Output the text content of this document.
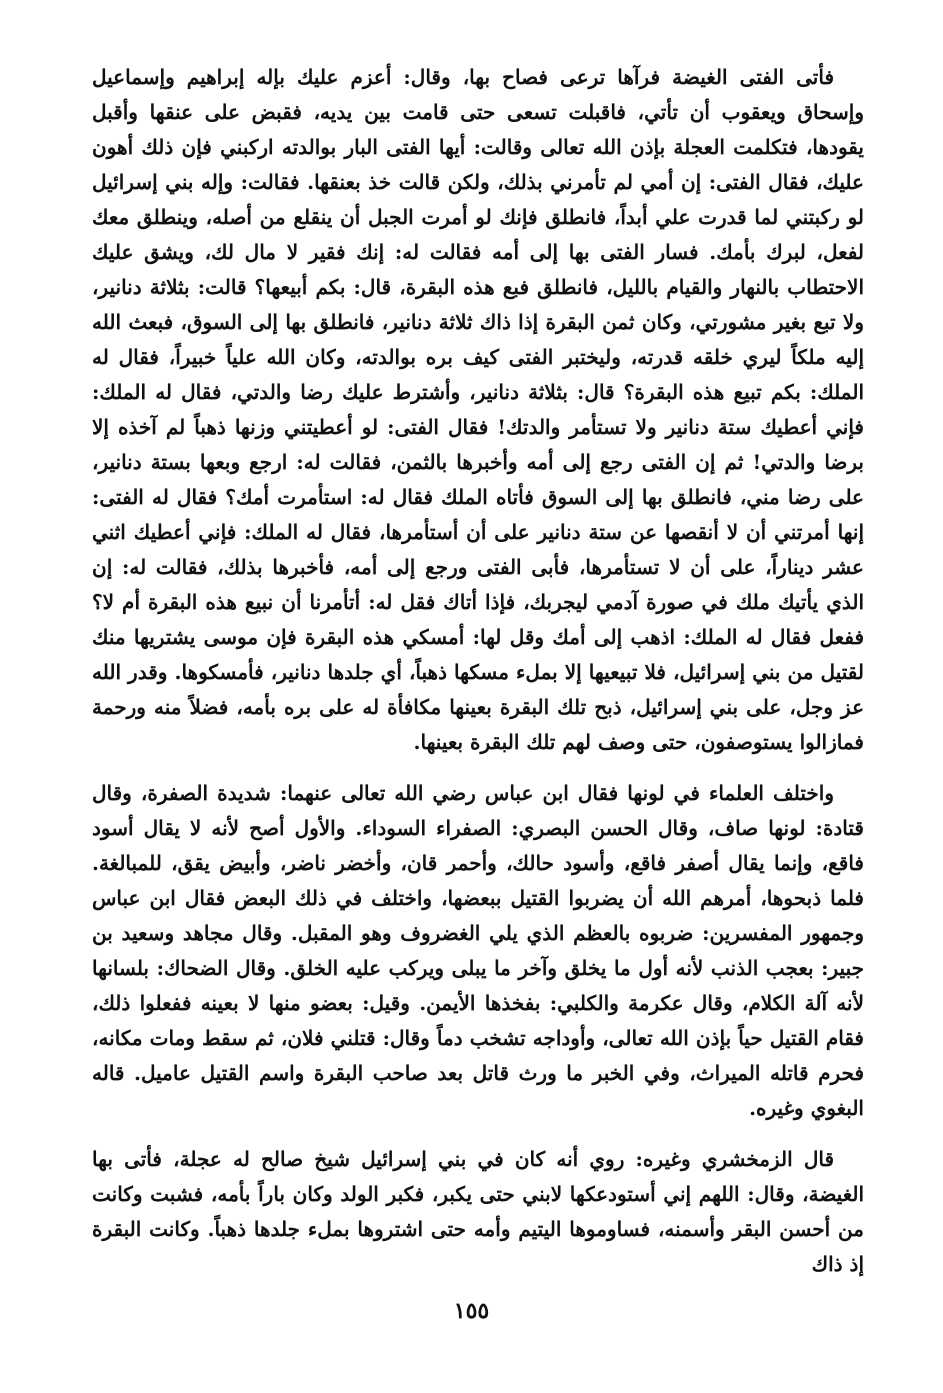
فأتى الفتى الغيضة فرآها ترعى فصاح بها، وقال: أعزم عليك بإله إبراهيم وإسماعيل وإسحاق ويعقوب أن تأتي، فاقبلت تسعى حتى قامت بين يديه، فقبض على عنقها وأقبل يقودها، فتكلمت العجلة بإذن الله تعالى وقالت: أيها الفتى البار بوالدته اركبني فإن ذلك أهون عليك، فقال الفتى: إن أمي لم تأمرني بذلك، ولكن قالت خذ بعنقها. فقالت: وإله بني إسرائيل لو ركبتني لما قدرت علي أبداً، فانطلق فإنك لو أمرت الجبل أن ينقلع من أصله، وينطلق معك لفعل، لبرك بأمك. فسار الفتى بها إلى أمه فقالت له: إنك فقير لا مال لك، ويشق عليك الاحتطاب بالنهار والقيام بالليل، فانطلق فبع هذه البقرة، قال: بكم أبيعها؟ قالت: بثلاثة دنانير، ولا تبع بغير مشورتي، وكان ثمن البقرة إذا ذاك ثلاثة دنانير، فانطلق بها إلى السوق، فبعث الله إليه ملكاً ليري خلقه قدرته، وليختبر الفتى كيف بره بوالدته، وكان الله علياً خبيراً، فقال له الملك: بكم تبيع هذه البقرة؟ قال: بثلاثة دنانير، وأشترط عليك رضا والدتي، فقال له الملك: فإني أعطيك ستة دنانير ولا تستأمر والدتك! فقال الفتى: لو أعطيتني وزنها ذهباً لم آخذه إلا برضا والدتي! ثم إن الفتى رجع إلى أمه وأخبرها بالثمن، فقالت له: ارجع وبعها بستة دنانير، على رضا مني، فانطلق بها إلى السوق فأتاه الملك فقال له: استأمرت أمك؟ فقال له الفتى: إنها أمرتني أن لا أنقصها عن ستة دنانير على أن أستأمرها، فقال له الملك: فإني أعطيك اثني عشر ديناراً، على أن لا تستأمرها، فأبى الفتى ورجع إلى أمه، فأخبرها بذلك، فقالت له: إن الذي يأتيك ملك في صورة آدمي ليجربك، فإذا أتاك فقل له: أتأمرنا أن نبيع هذه البقرة أم لا؟ ففعل فقال له الملك: اذهب إلى أمك وقل لها: أمسكي هذه البقرة فإن موسى يشتريها منك لقتيل من بني إسرائيل، فلا تبيعيها إلا بملء مسكها ذهباً، أي جلدها دنانير، فأمسكوها. وقدر الله عز وجل، على بني إسرائيل، ذبح تلك البقرة بعينها مكافأة له على بره بأمه، فضلاً منه ورحمة فمازالوا يستوصفون، حتى وصف لهم تلك البقرة بعينها.

واختلف العلماء في لونها فقال ابن عباس رضي الله تعالى عنهما: شديدة الصفرة، وقال قتادة: لونها صاف، وقال الحسن البصري: الصفراء السوداء. والأول أصح لأنه لا يقال أسود فاقع، وإنما يقال أصفر فاقع، وأسود حالك، وأحمر قان، وأخضر ناضر، وأبيض يقق، للمبالغة. فلما ذبحوها، أمرهم الله أن يضربوا القتيل ببعضها، واختلف في ذلك البعض فقال ابن عباس وجمهور المفسرين: ضربوه بالعظم الذي يلي الغضروف وهو المقبل. وقال مجاهد وسعيد بن جبير: بعجب الذنب لأنه أول ما يخلق وآخر ما يبلى ويركب عليه الخلق. وقال الضحاك: بلسانها لأنه آلة الكلام، وقال عكرمة والكلبي: بفخذها الأيمن. وقيل: بعضو منها لا بعينه ففعلوا ذلك، فقام القتيل حياً بإذن الله تعالى، وأوداجه تشخب دماً وقال: قتلني فلان، ثم سقط ومات مكانه، فحرم قاتله الميراث، وفي الخبر ما ورث قاتل بعد صاحب البقرة واسم القتيل عاميل. قاله البغوي وغيره.

قال الزمخشري وغيره: روي أنه كان في بني إسرائيل شيخ صالح له عجلة، فأتى بها الغيضة، وقال: اللهم إني أستودعكها لابني حتى يكبر، فكبر الولد وكان باراً بأمه، فشبت وكانت من أحسن البقر وأسمنه، فساوموها اليتيم وأمه حتى اشتروها بملء جلدها ذهباً. وكانت البقرة إذ ذاك

١٥٥
